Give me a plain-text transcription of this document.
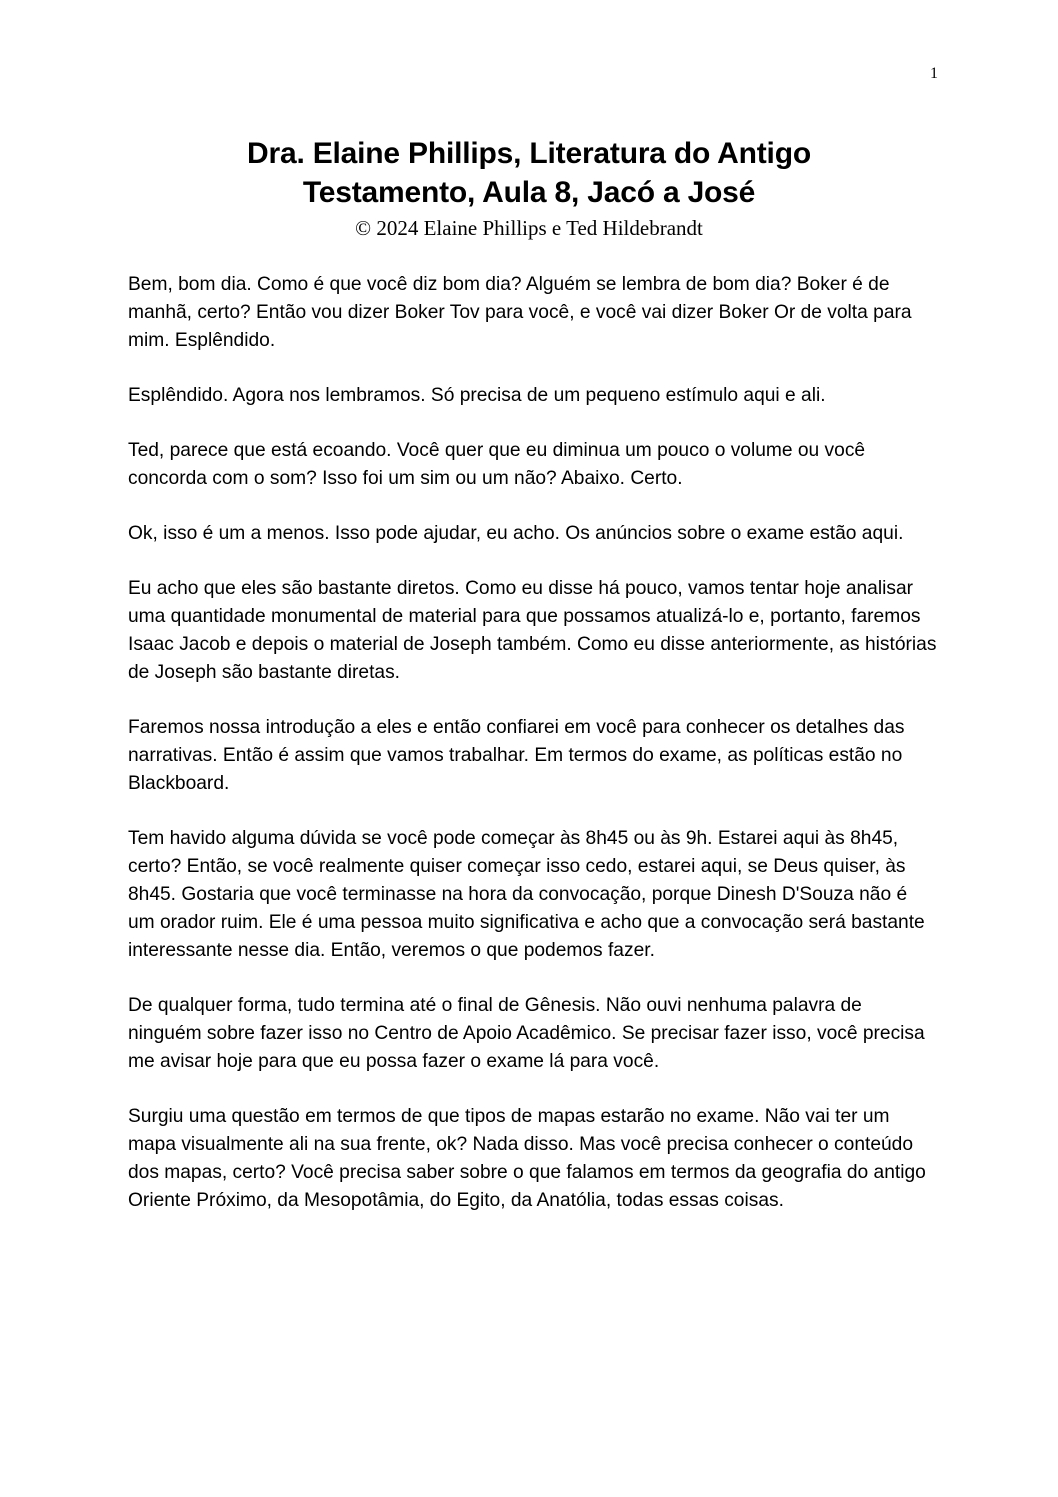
1
Dra. Elaine Phillips, Literatura do Antigo
Testamento, Aula 8, Jacó a José

© 2024 Elaine Phillips e Ted Hildebrandt

Bem, bom dia. Como é que você diz bom dia? Alguém se lembra de bom dia? Boker é de manhã, certo? Então vou dizer Boker Tov para você, e você vai dizer Boker Or de volta para mim. Esplêndido.

Esplêndido. Agora nos lembramos. Só precisa de um pequeno estímulo aqui e ali.

Ted, parece que está ecoando. Você quer que eu diminua um pouco o volume ou você concorda com o som? Isso foi um sim ou um não? Abaixo. Certo.

Ok, isso é um a menos. Isso pode ajudar, eu acho. Os anúncios sobre o exame estão aqui.

Eu acho que eles são bastante diretos. Como eu disse há pouco, vamos tentar hoje analisar uma quantidade monumental de material para que possamos atualizá-lo e, portanto, faremos Isaac Jacob e depois o material de Joseph também. Como eu disse anteriormente, as histórias de Joseph são bastante diretas.

Faremos nossa introdução a eles e então confiarei em você para conhecer os detalhes das narrativas. Então é assim que vamos trabalhar. Em termos do exame, as políticas estão no Blackboard.

Tem havido alguma dúvida se você pode começar às 8h45 ou às 9h. Estarei aqui às 8h45, certo? Então, se você realmente quiser começar isso cedo, estarei aqui, se Deus quiser, às 8h45. Gostaria que você terminasse na hora da convocação, porque Dinesh D'Souza não é um orador ruim. Ele é uma pessoa muito significativa e acho que a convocação será bastante interessante nesse dia. Então, veremos o que podemos fazer.

De qualquer forma, tudo termina até o final de Gênesis. Não ouvi nenhuma palavra de ninguém sobre fazer isso no Centro de Apoio Acadêmico. Se precisar fazer isso, você precisa me avisar hoje para que eu possa fazer o exame lá para você.

Surgiu uma questão em termos de que tipos de mapas estarão no exame. Não vai ter um mapa visualmente ali na sua frente, ok? Nada disso. Mas você precisa conhecer o conteúdo dos mapas, certo? Você precisa saber sobre o que falamos em termos da geografia do antigo Oriente Próximo, da Mesopotâmia, do Egito, da Anatólia, todas essas coisas.
